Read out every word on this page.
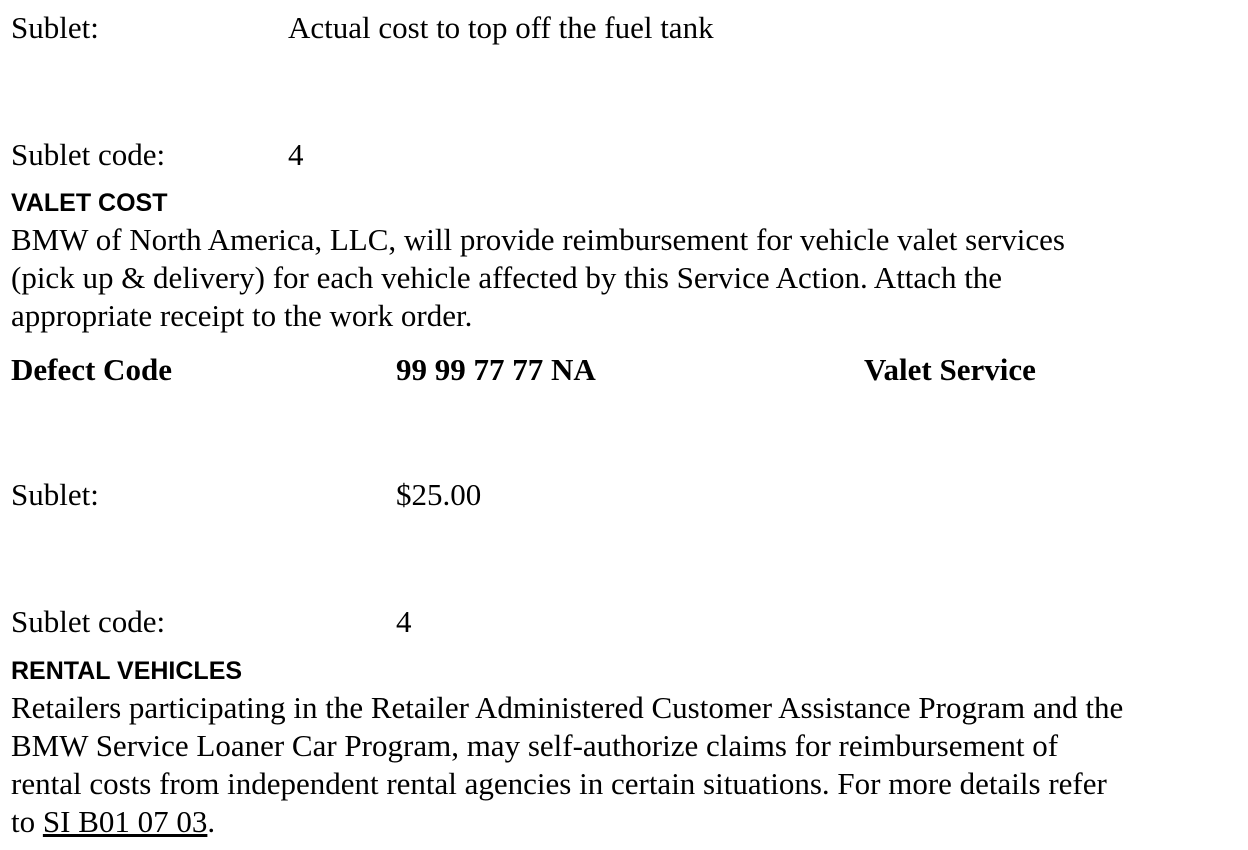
Sublet:	Actual cost to top off the fuel tank
Sublet code:	4
VALET COST
BMW of North America, LLC, will provide reimbursement for vehicle valet services
(pick up & delivery) for each vehicle affected by this Service Action. Attach the
appropriate receipt to the work order.
Defect Code	99 99 77 77 NA	Valet Service
Sublet:	$25.00
Sublet code:	4
RENTAL VEHICLES
Retailers participating in the Retailer Administered Customer Assistance Program and the
BMW Service Loaner Car Program, may self-authorize claims for reimbursement of
rental costs from independent rental agencies in certain situations. For more details refer
to SI B01 07 03.
